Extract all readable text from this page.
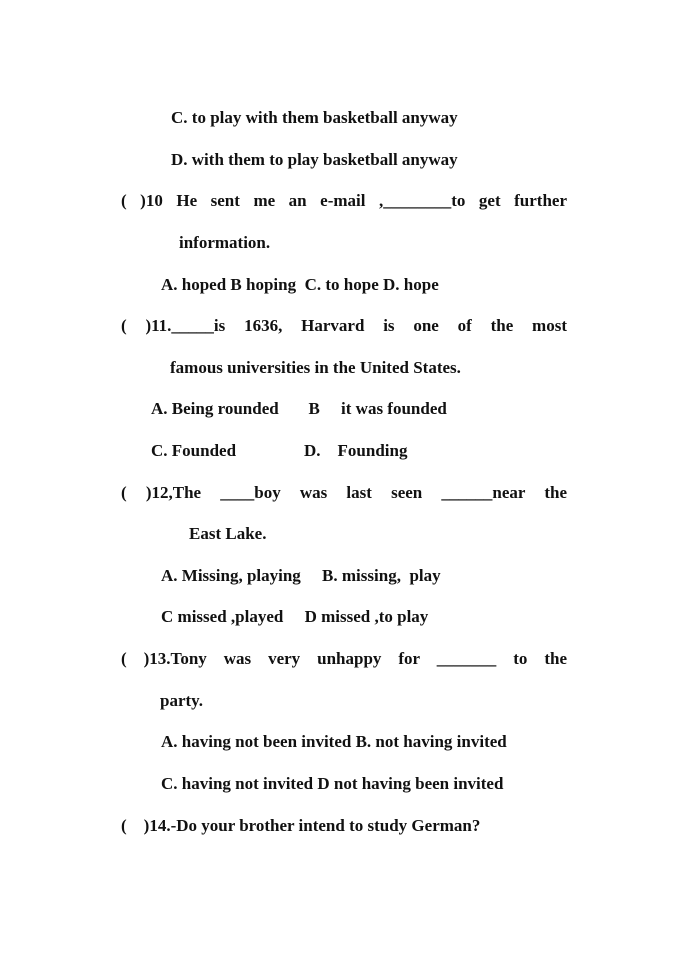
C. to play with them basketball anyway
D. with them to play basketball anyway
( )10 He sent me an e-mail ,________to get further
information.
A. hoped B hoping  C. to hope D. hope
( )11._____is 1636, Harvard is one of the most
famous universities in the United States.
A. Being rounded       B     it was founded
C. Founded                D.    Founding
( )12,The ____boy was last seen ______near the
East Lake.
A. Missing, playing     B. missing,  play
C missed ,played     D missed ,to play
( )13.Tony was very unhappy for _______ to the
party.
A. having not been invited B. not having invited
C. having not invited D not having been invited
(    )14.-Do your brother intend to study German?
